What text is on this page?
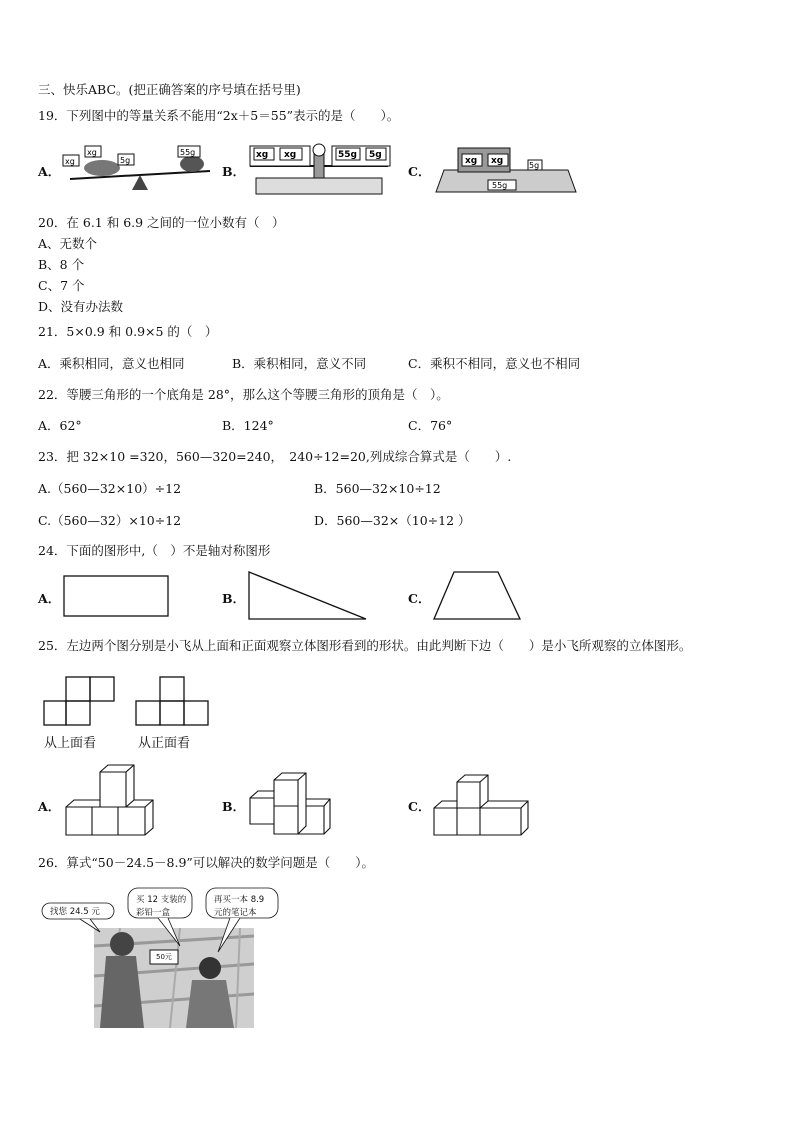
三、快乐ABC。(把正确答案的序号填在括号里)
19．下列图中的等量关系不能用“2x＋5＝55”表示的是（　　）。
A．
xg
xg
5g
55g
B．
xg xg	55g 5g
C．
xg xg	5g
55g
20．在 6.1 和 6.9 之间的一位小数有（　）
A、无数个
B、8 个
C、7 个
D、没有办法数
21．5×0.9 和 0.9×5 的（　）
A．乘积相同，意义也相同	B．乘积相同，意义不同	C．乘积不相同，意义也不相同
22．等腰三角形的一个底角是 28°，那么这个等腰三角形的顶角是（　）。
A．62°	B．124°	C．76°
23．把 32×10 =320，560—320=240，　240÷12=20,列成综合算式是（　　）.
A.（560—32×10）÷12	B．560—32×10÷12
C.（560—32）×10÷12	D．560—32×（10÷12 ）
24．下面的图形中,（　）不是轴对称图形
A．	B．	C．
25．左边两个图分别是小飞从上面和正面观察立体图形看到的形状。由此判断下边（　　）是小飞所观察的立体图形。
从上面看	从正面看
A．	B．	C．
26．算式“50－24.5－8.9”可以解决的数学问题是（　　）。
找您 24.5 元
买 12 支装的
彩铅一盒
再买一本 8.9
元的笔记本
50元
